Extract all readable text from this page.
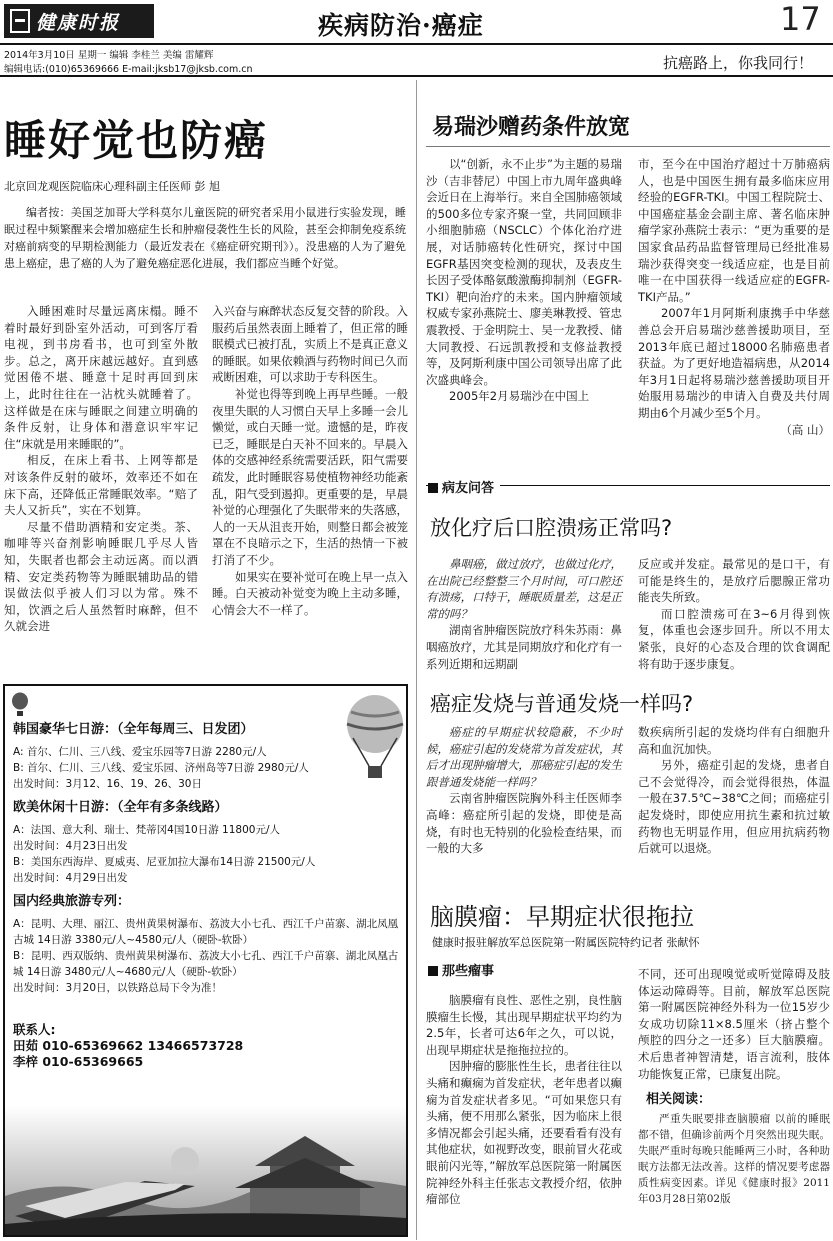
健康时报	疾病防治·癌症	17
2014年3月10日 星期一 编辑 李桂兰 美编 雷耀辉
编辑电话:(010)65369666 E-mail:jksb17@jksb.com.cn	抗癌路上，你我同行！
睡好觉也防癌
北京回龙观医院临床心理科副主任医师 彭 旭
编者按：美国芝加哥大学科莫尔儿童医院的研究者采用小鼠进行实验发现，睡眠过程中频繁醒来会增加癌症生长和肿瘤侵袭性生长的风险，甚至会抑制免疫系统对癌前病变的早期检测能力（最近发表在《癌症研究期刊》）。没患癌的人为了避免患上癌症，患了癌的人为了避免癌症恶化进展，我们都应当睡个好觉。

入睡困难时尽量远离床榻。睡不着时最好到卧室外活动，可到客厅看电视，到书房看书，也可到室外散步。总之，离开床越远越好。直到感觉困倦不堪、睡意十足时再回到床上，此时往往在一沾枕头就睡着了。这样做是在床与睡眠之间建立明确的条件反射，让身体和潜意识牢牢记住“床就是用来睡眠的”。

相反，在床上看书、上网等都是对该条件反射的破坏，效率还不如在床下高，还降低正常睡眠效率。“赔了夫人又折兵”，实在不划算。

尽量不借助酒精和安定类。茶、咖啡等兴奋剂影响睡眠几乎尽人皆知，失眠者也都会主动远离。而以酒精、安定类药物等为睡眠辅助品的错误做法似乎被人们习以为常。殊不知，饮酒之后人虽然暂时麻醉，但不久就会进

入兴奋与麻醉状态反复交替的阶段。入服药后虽然表面上睡着了，但正常的睡眠模式已被打乱，实质上不是真正意义的睡眠。如果依赖酒与药物时间已久而戒断困难，可以求助于专科医生。

补觉也得等到晚上再早些睡。一般夜里失眠的人习惯白天早上多睡一会儿懒觉，或白天睡一觉。遗憾的是，昨夜已乏，睡眠是白天补不回来的。早晨入体的交感神经系统需要活跃，阳气需要疏发，此时睡眠容易使植物神经功能紊乱，阳气受到遏抑。更重要的是，早晨补觉的心理强化了失眠带来的失落感，人的一天从沮丧开始，则整日都会被笼罩在不良暗示之下，生活的热情一下被打消了不少。

如果实在要补觉可在晚上早一点入睡。白天被动补觉变为晚上主动多睡，心情会大不一样了。

易瑞沙赠药条件放宽

以“创新，永不止步”为主题的易瑞沙（吉非替尼）中国上市九周年盛典峰会近日在上海举行。来自全国肺癌领域的500多位专家齐聚一堂，共同回顾非小细胞肺癌（NSCLC）个体化治疗进展，对话肺癌转化性研究，探讨中国EGFR基因突变检测的现状，及表皮生长因子受体酪氨酸激酶抑制剂（EGFR-TKI）靶向治疗的未来。国内肿瘤领域权威专家孙燕院士、廖美琳教授、管忠震教授、于金明院士、吴一龙教授、储大同教授、石远凯教授和支修益教授等，及阿斯利康中国公司领导出席了此次盛典峰会。

2005年2月易瑞沙在中国上

市，至今在中国治疗超过十万肺癌病人，也是中国医生拥有最多临床应用经验的EGFR-TKI。中国工程院院士、中国癌症基金会副主席、著名临床肿瘤学家孙燕院士表示：“更为重要的是国家食品药品监督管理局已经批准易瑞沙获得突变一线适应症，也是目前唯一在中国获得一线适应症的EGFR-TKI产品。”

2007年1月阿斯利康携手中华慈善总会开启易瑞沙慈善援助项目，至2013年底已超过18000名肺癌患者获益。为了更好地造福病患，从2014年3月1日起将易瑞沙慈善援助项目开始服用易瑞沙的申请入自费及共付周期由6个月减少至5个月。

（高 山）

病友问答
放化疗后口腔溃疡正常吗?

鼻咽癌，做过放疗，也做过化疗，在出院已经整整三个月时间，可口腔还有溃疡，口特干，睡眠质量差，这是正常的吗？

湖南省肿瘤医院放疗科朱苏雨：鼻咽癌放疗，尤其是同期放疗和化疗有一系列近期和远期副

反应或并发症。最常见的是口干，有可能是终生的，是放疗后腮腺正常功能丧失所致。

而口腔溃疡可在3~6月得到恢复，体重也会逐步回升。所以不用太紧张，良好的心态及合理的饮食调配将有助于逐步康复。

癌症发烧与普通发烧一样吗?

癌症的早期症状较隐蔽，不少时候，癌症引起的发烧常为首发症状，其后才出现肿瘤增大，那癌症引起的发生跟普通发烧能一样吗？

云南省肿瘤医院胸外科主任医师李高峰：癌症所引起的发烧，即使是高烧，有时也无特别的化验检查结果，而一般的大多

数疾病所引起的发烧均伴有白细胞升高和血沉加快。

另外，癌症引起的发烧，患者自己不会觉得冷，而会觉得很热，体温一般在37.5℃~38℃之间；而癌症引起发烧时，即使应用抗生素和抗过敏药物也无明显作用，但应用抗病药物后就可以退烧。

脑膜瘤：早期症状很拖拉
健康时报驻解放军总医院第一附属医院特约记者 张献怀
那些瘤事

脑膜瘤有良性、恶性之别，良性脑膜瘤生长慢，其出现早期症状平均约为2.5年，长者可达6年之久，可以说，出现早期症状是拖拖拉拉的。

因肿瘤的膨胀性生长，患者往往以头痛和癫痫为首发症状，老年患者以癫痫为首发症状者多见。“可如果您只有头痛，便不用那么紧张，因为临床上很多情况都会引起头痛，还要看看有没有其他症状，如视野改变，眼前冒火花或眼前闪光等，”解放军总医院第一附属医院神经外科主任张志文教授介绍，依肿瘤部位

不同，还可出现嗅觉或听觉障碍及肢体运动障碍等。目前，解放军总医院第一附属医院神经外科为一位15岁少女成功切除11×8.5厘米（挤占整个颅腔的四分之一还多）巨大脑膜瘤。术后患者神智清楚，语言流利，肢体功能恢复正常，已康复出院。

相关阅读：

严重失眠要排查脑膜瘤 以前的睡眠都不错，但确诊前两个月突然出现失眠。失眠严重时每晚只能睡两三小时，各种助眠方法都无法改善。这样的情况要考虑器质性病变因素。详见《健康时报》2011年03月28日第02版

韩国豪华七日游：（全年每周三、日发团）
A: 首尔、仁川、三八线、爱宝乐园等7日游 2280元/人
B: 首尔、仁川、三八线、爱宝乐园、济州岛等7日游 2980元/人
出发时间：3月12、16、19、26、30日
欧美休闲十日游：（全年有多条线路）
A：法国、意大利、瑞士、梵蒂冈4国10日游 11800元/人
出发时间：4月23日出发
B：美国东西海岸、夏威夷、尼亚加拉大瀑布14日游 21500元/人
出发时间：4月29日出发
国内经典旅游专列：
A：昆明、大理、丽江、贵州黄果树瀑布、荔波大小七孔、西江千户苗寨、湖北凤凰古城 14日游 3380元/人~4580元/人（硬卧-软卧）
B：昆明、西双版纳、贵州黄果树瀑布、荔波大小七孔、西江千户苗寨、湖北凤凰古城 14日游 3480元/人~4680元/人（硬卧-软卧）
出发时间：3月20日，以铁路总局下令为准！
联系人:
田茹 010-65369662 13466573728
李梓 010-65369665
